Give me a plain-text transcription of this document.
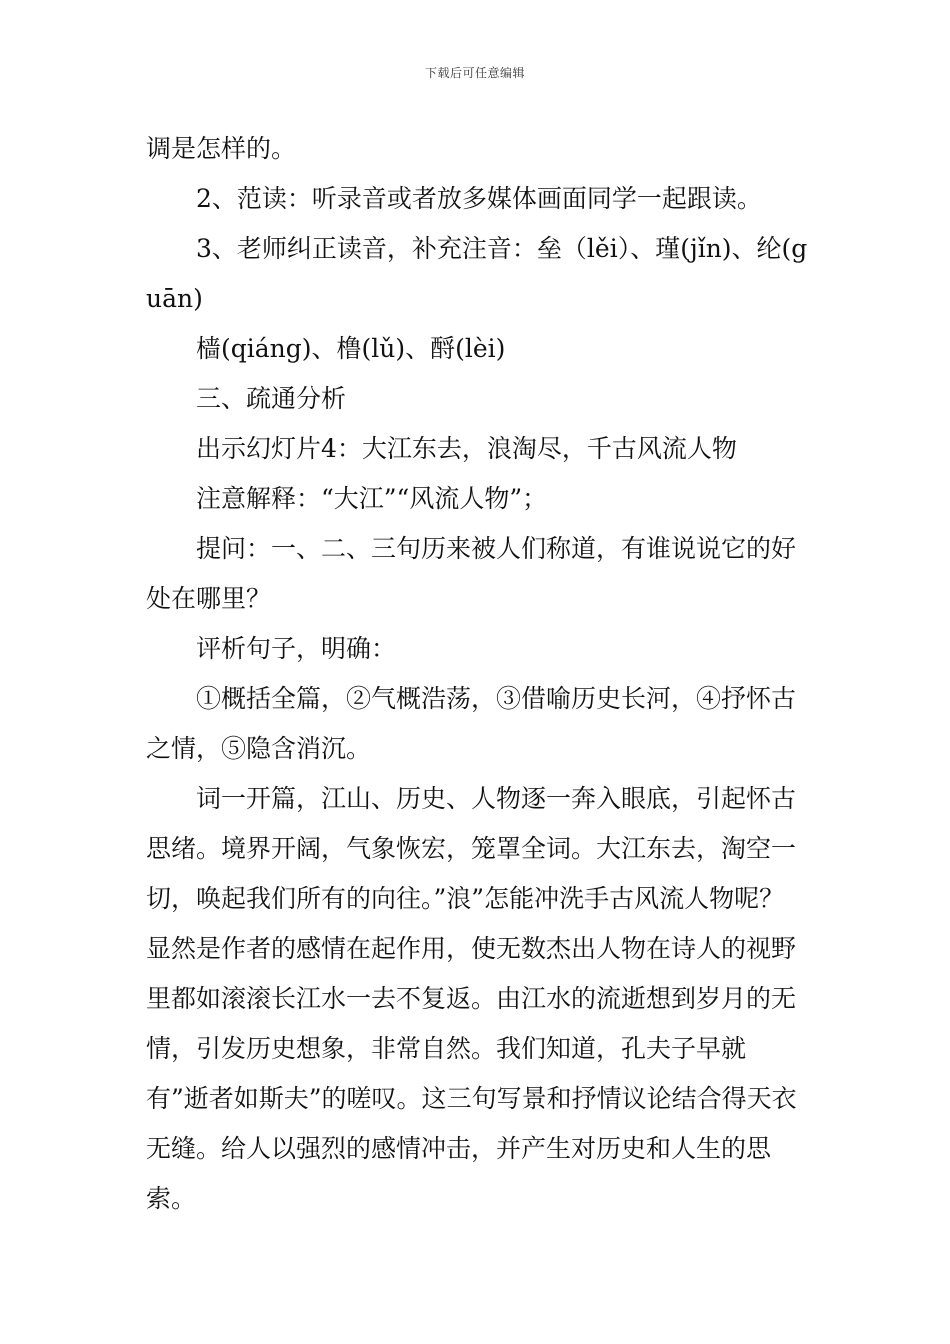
下载后可任意编辑

调是怎样的。

2、范读：听录音或者放多媒体画面同学一起跟读。

3、老师纠正读音，补充注音：垒（lěi）、瑾(jǐn)、纶(guān)

樯(qiáng)、橹(lǔ)、酹(lèi)

三、疏通分析

出示幻灯片4：大江东去，浪淘尽，千古风流人物

注意解释：“大江”“风流人物”；

提问：一、二、三句历来被人们称道，有谁说说它的好处在哪里？

评析句子，明确：

①概括全篇，②气概浩荡，③借喻历史长河，④抒怀古之情，⑤隐含消沉。

词一开篇，江山、历史、人物逐一奔入眼底，引起怀古思绪。境界开阔，气象恢宏，笼罩全词。大江东去，淘空一切，唤起我们所有的向往。”浪”怎能冲洗手古风流人物呢？显然是作者的感情在起作用，使无数杰出人物在诗人的视野里都如滚滚长江水一去不复返。由江水的流逝想到岁月的无情，引发历史想象，非常自然。我们知道，孔夫子早就有”逝者如斯夫”的嗟叹。这三句写景和抒情议论结合得天衣无缝。给人以强烈的感情冲击，并产生对历史和人生的思索。
